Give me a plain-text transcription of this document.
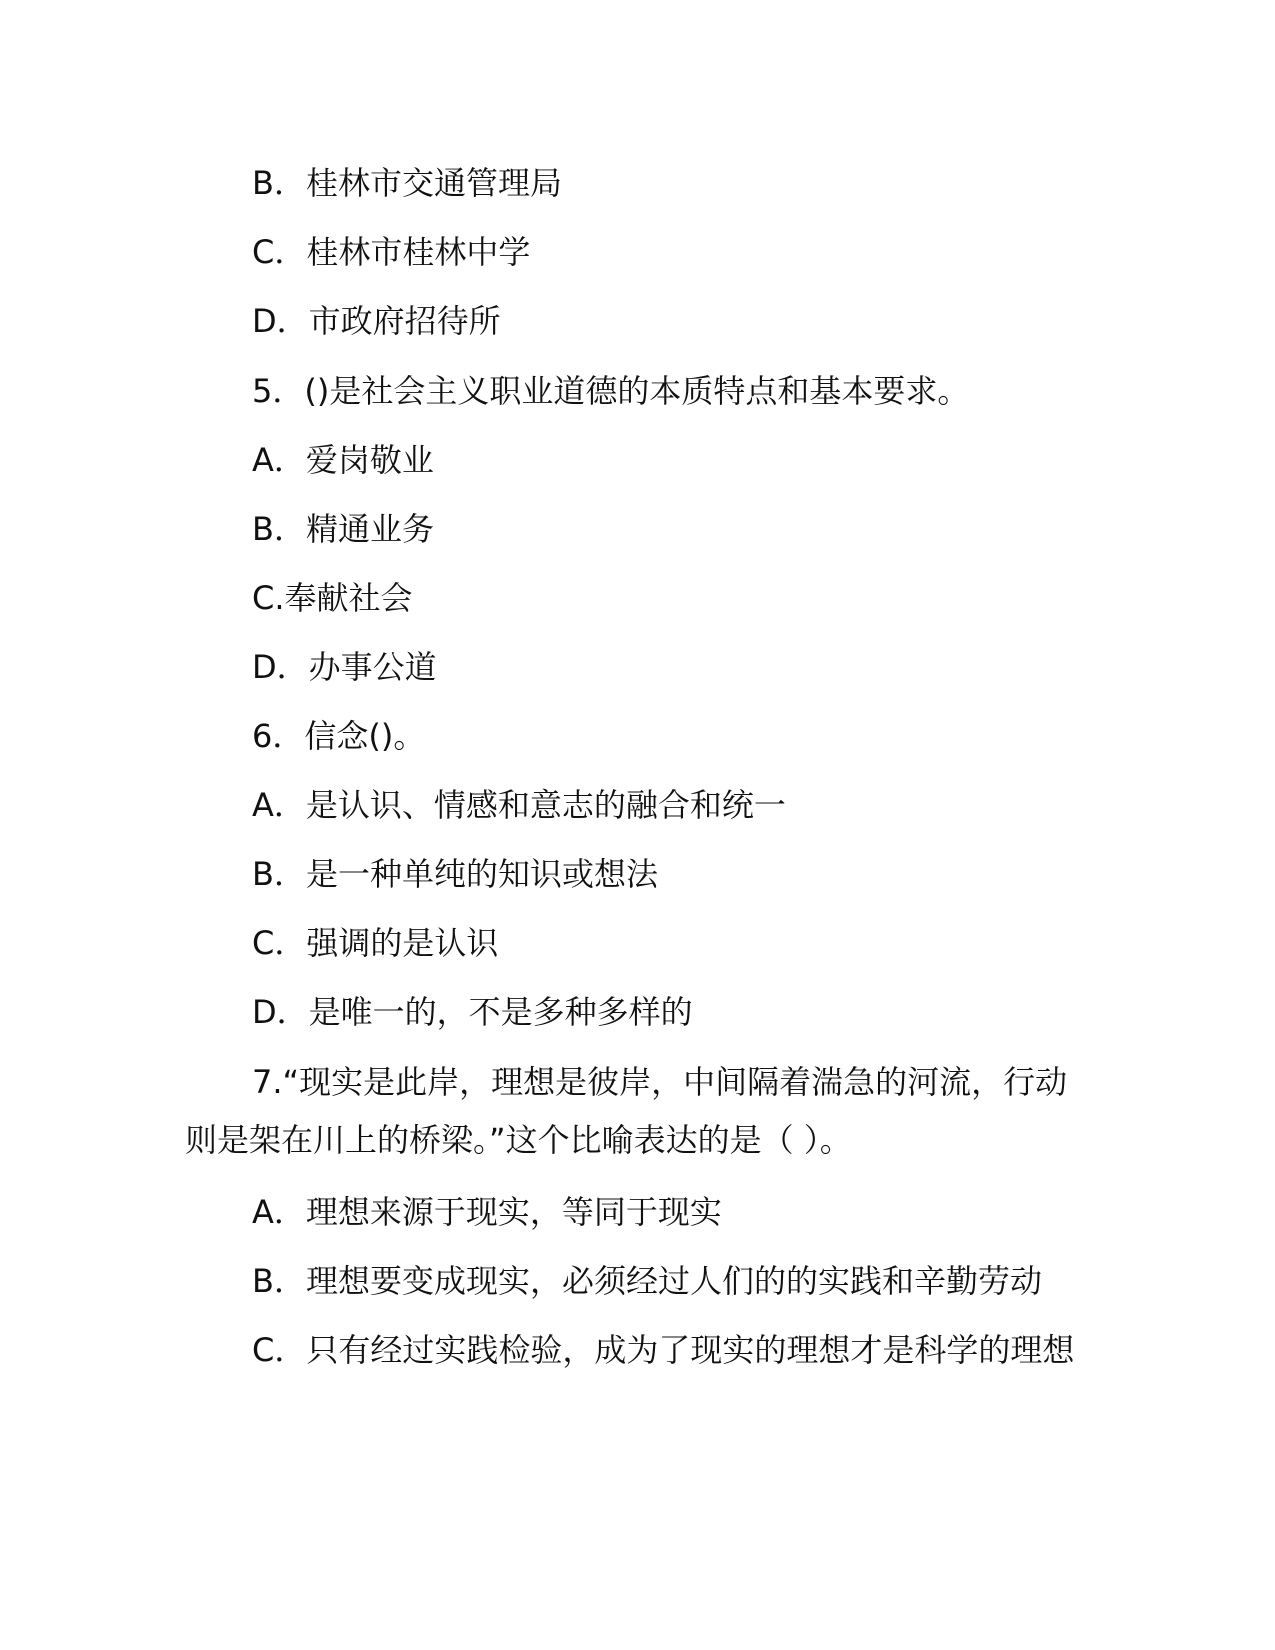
B．桂林市交通管理局
C．桂林市桂林中学
D．市政府招待所
5．()是社会主义职业道德的本质特点和基本要求。
A．爱岗敬业
B．精通业务
C.奉献社会
D．办事公道
6．信念()。
A．是认识、情感和意志的融合和统一
B．是一种单纯的知识或想法
C．强调的是认识
D．是唯一的，不是多种多样的
7.“现实是此岸，理想是彼岸，中间隔着湍急的河流，行动则是架在川上的桥梁。”这个比喻表达的是（ ）。
A．理想来源于现实，等同于现实
B．理想要变成现实，必须经过人们的的实践和辛勤劳动
C．只有经过实践检验，成为了现实的理想才是科学的理想
